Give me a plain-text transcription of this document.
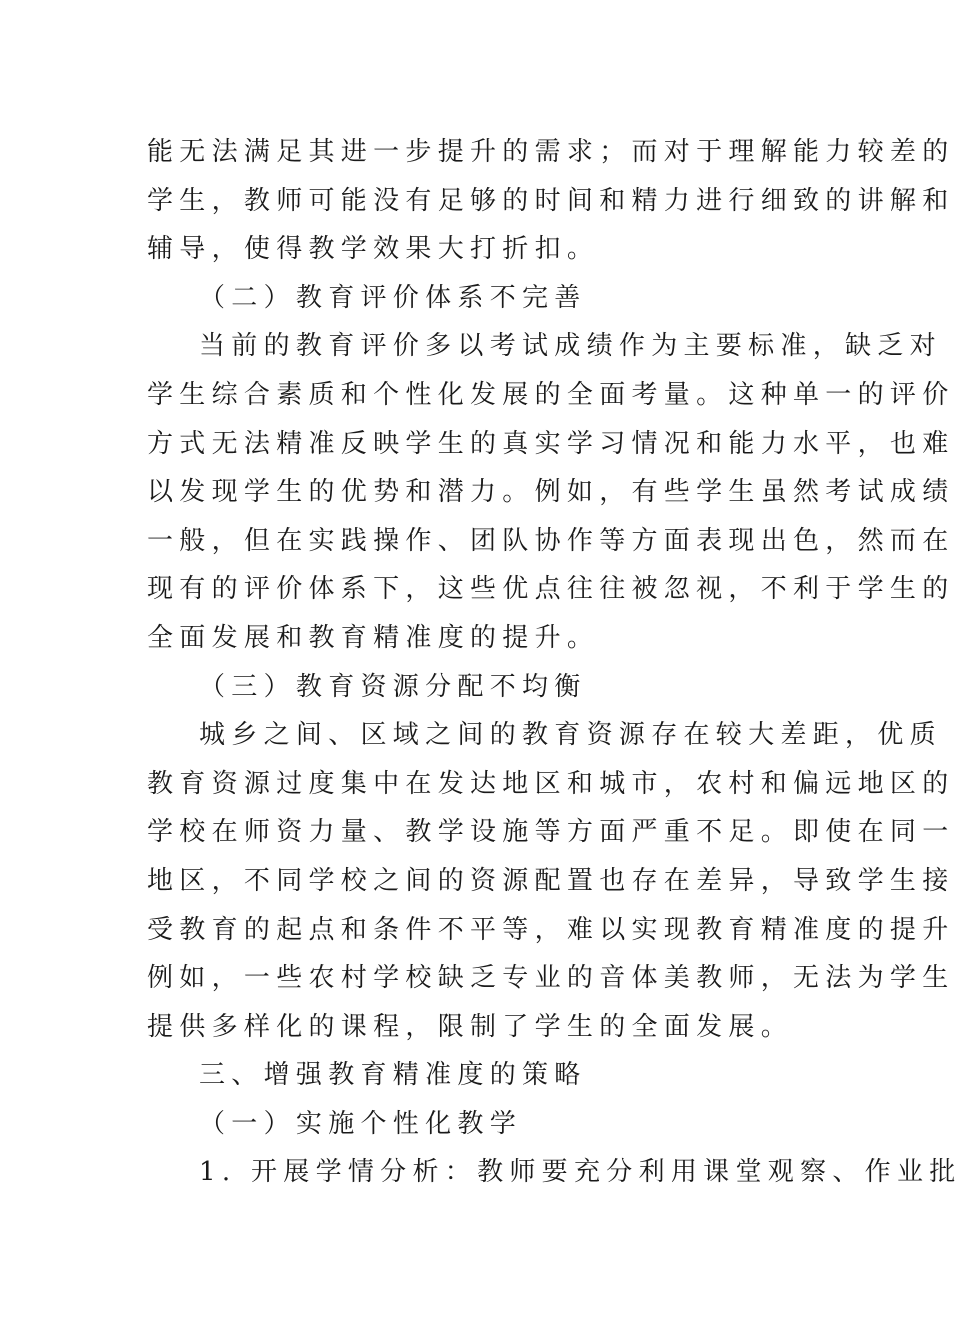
能无法满足其进一步提升的需求；而对于理解能力较差的
学生，教师可能没有足够的时间和精力进行细致的讲解和
辅导，使得教学效果大打折扣。
（二）教育评价体系不完善
当前的教育评价多以考试成绩作为主要标准，缺乏对
学生综合素质和个性化发展的全面考量。这种单一的评价
方式无法精准反映学生的真实学习情况和能力水平，也难
以发现学生的优势和潜力。例如，有些学生虽然考试成绩
一般，但在实践操作、团队协作等方面表现出色，然而在
现有的评价体系下，这些优点往往被忽视，不利于学生的
全面发展和教育精准度的提升。
（三）教育资源分配不均衡
城乡之间、区域之间的教育资源存在较大差距，优质
教育资源过度集中在发达地区和城市，农村和偏远地区的
学校在师资力量、教学设施等方面严重不足。即使在同一
地区，不同学校之间的资源配置也存在差异，导致学生接
受教育的起点和条件不平等，难以实现教育精准度的提升
例如，一些农村学校缺乏专业的音体美教师，无法为学生
提供多样化的课程，限制了学生的全面发展。
三、增强教育精准度的策略
（一）实施个性化教学
1. 开展学情分析：教师要充分利用课堂观察、作业批
